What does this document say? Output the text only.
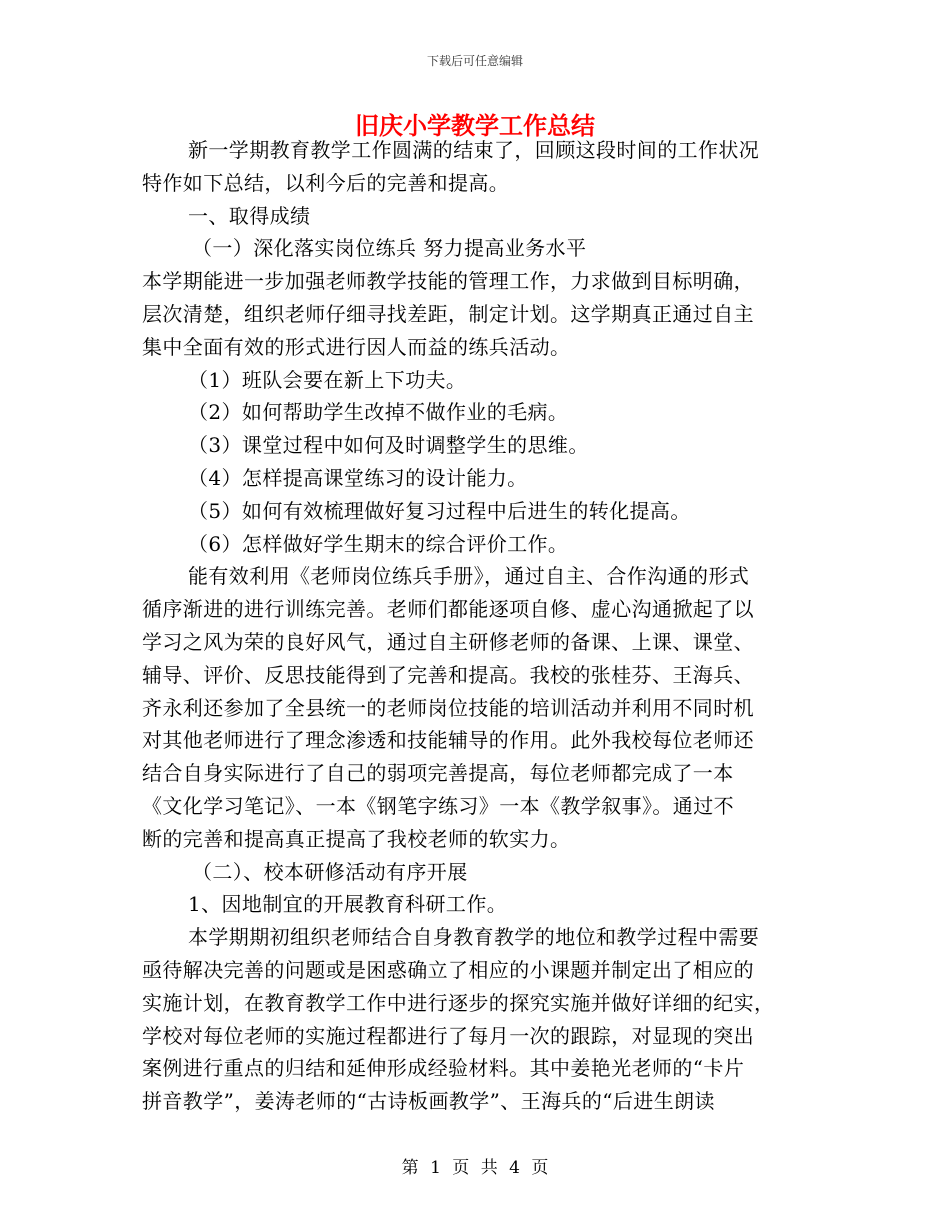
下载后可任意编辑
旧庆小学教学工作总结

新一学期教育教学工作圆满的结束了，回顾这段时间的工作状况

特作如下总结，以利今后的完善和提高。

一、取得成绩

（一）深化落实岗位练兵 努力提高业务水平

本学期能进一步加强老师教学技能的管理工作，力求做到目标明确，

层次清楚，组织老师仔细寻找差距，制定计划。这学期真正通过自主

集中全面有效的形式进行因人而益的练兵活动。

（1）班队会要在新上下功夫。

（2）如何帮助学生改掉不做作业的毛病。

（3）课堂过程中如何及时调整学生的思维。

（4）怎样提高课堂练习的设计能力。

（5）如何有效梳理做好复习过程中后进生的转化提高。

（6）怎样做好学生期末的综合评价工作。

能有效利用《老师岗位练兵手册》，通过自主、合作沟通的形式

循序渐进的进行训练完善。老师们都能逐项自修、虚心沟通掀起了以

学习之风为荣的良好风气，通过自主研修老师的备课、上课、课堂、

辅导、评价、反思技能得到了完善和提高。我校的张桂芬、王海兵、

齐永利还参加了全县统一的老师岗位技能的培训活动并利用不同时机

对其他老师进行了理念渗透和技能辅导的作用。此外我校每位老师还

结合自身实际进行了自己的弱项完善提高，每位老师都完成了一本

《文化学习笔记》、一本《钢笔字练习》一本《教学叙事》。通过不

断的完善和提高真正提高了我校老师的软实力。

（二）、校本研修活动有序开展

1、因地制宜的开展教育科研工作。

本学期期初组织老师结合自身教育教学的地位和教学过程中需要

亟待解决完善的问题或是困惑确立了相应的小课题并制定出了相应的

实施计划，在教育教学工作中进行逐步的探究实施并做好详细的纪实，

学校对每位老师的实施过程都进行了每月一次的跟踪，对显现的突出

案例进行重点的归结和延伸形成经验材料。其中姜艳光老师的“卡片

拼音教学”，姜涛老师的“古诗板画教学”、王海兵的“后进生朗读

第 1 页 共 4 页
